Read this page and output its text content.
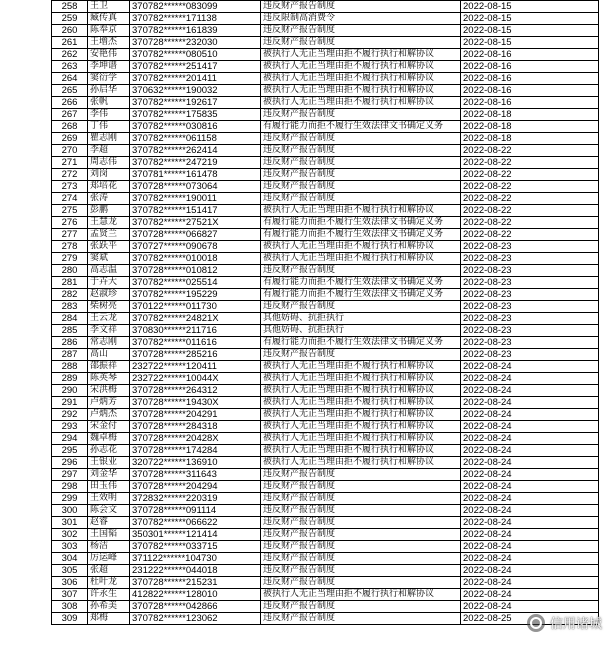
258	王卫	370782******083099	违反财产报告制度	2022-08-15
259	臧传真	370782******171138	违反限制高消费令	2022-08-15
260	陈奉京	370782******161839	违反财产报告制度	2022-08-15
261	王增杰	370728******232030	违反财产报告制度	2022-08-15
262	安艳伟	370782******080510	被执行人无正当理由拒不履行执行和解协议	2022-08-16
263	李坤谱	370782******251417	被执行人无正当理由拒不履行执行和解协议	2022-08-16
264	窦衍学	370782******201411	被执行人无正当理由拒不履行执行和解协议	2022-08-16
265	孙启华	370632******190032	被执行人无正当理由拒不履行执行和解协议	2022-08-16
266	张帆	370782******192617	被执行人无正当理由拒不履行执行和解协议	2022-08-16
267	李伟	370782******175835	违反财产报告制度	2022-08-18
268	丁伟	370782******030816	有履行能力而拒不履行生效法律文书确定义务	2022-08-18
269	瞿志刚	370782******061158	违反财产报告制度	2022-08-18
270	李超	370782******262414	违反财产报告制度	2022-08-22
271	周志伟	370782******247219	违反财产报告制度	2022-08-22
272	刘岗	370781******161478	违反财产报告制度	2022-08-22
273	郑培花	370728******073064	违反财产报告制度	2022-08-22
274	张涛	370782******190011	违反财产报告制度	2022-08-22
275	彭鹏	370782******151417	被执行人无正当理由拒不履行执行和解协议	2022-08-22
276	王慧龙	370782******27521X	有履行能力而拒不履行生效法律文书确定义务	2022-08-22
277	孟贤兰	370728******066827	有履行能力而拒不履行生效法律文书确定义务	2022-08-22
278	张跃平	370727******090678	被执行人无正当理由拒不履行执行和解协议	2022-08-23
279	窦斌	370782******010018	被执行人无正当理由拒不履行执行和解协议	2022-08-23
280	高志温	370728******010812	违反财产报告制度	2022-08-23
281	于卉大	370782******025514	有履行能力而拒不履行生效法律文书确定义务	2022-08-23
282	赵淑珍	370782******195229	有履行能力而拒不履行生效法律文书确定义务	2022-08-23
283	柴树亮	370122******011730	违反财产报告制度	2022-08-23
284	王云龙	370782******24821X	其他妨碍、抗拒执行	2022-08-23
285	李文祥	370830******211716	其他妨碍、抗拒执行	2022-08-23
286	常志刚	370782******011616	有履行能力而拒不履行生效法律文书确定义务	2022-08-23
287	高山	370728******285216	违反财产报告制度	2022-08-23
288	邵振祥	232722******120411	被执行人无正当理由拒不履行执行和解协议	2022-08-24
289	陈英琴	232722******10044X	被执行人无正当理由拒不履行执行和解协议	2022-08-24
290	宋洪梅	370728******264312	被执行人无正当理由拒不履行执行和解协议	2022-08-24
291	卢炳芳	370728******19430X	被执行人无正当理由拒不履行执行和解协议	2022-08-24
292	卢炳杰	370728******204291	被执行人无正当理由拒不履行执行和解协议	2022-08-24
293	宋金付	370728******284318	被执行人无正当理由拒不履行执行和解协议	2022-08-24
294	魏卓梅	370728******20428X	被执行人无正当理由拒不履行执行和解协议	2022-08-24
295	孙志花	370728******174284	被执行人无正当理由拒不履行执行和解协议	2022-08-24
296	王银业	320722******136910	被执行人无正当理由拒不履行执行和解协议	2022-08-24
297	刘金华	370728******311643	违反财产报告制度	2022-08-24
298	田玉伟	370728******204294	违反财产报告制度	2022-08-24
299	王效明	372832******220319	违反财产报告制度	2022-08-24
300	陈会文	370728******091114	违反财产报告制度	2022-08-24
301	赵睿	370782******066622	违反财产报告制度	2022-08-24
302	王国韬	350301******121414	违反财产报告制度	2022-08-24
303	杨洁	370782******033715	违反财产报告制度	2022-08-24
304	厉运峰	371122******104730	违反财产报告制度	2022-08-24
305	张超	231222******044018	违反财产报告制度	2022-08-24
306	杜叶龙	370728******215231	违反财产报告制度	2022-08-24
307	许永生	412822******128010	被执行人无正当理由拒不履行执行和解协议	2022-08-24
308	孙希美	370728******042866	违反财产报告制度	2022-08-24
309	郑梅	370782******123062	违反财产报告制度	2022-08-25	信用诸城
